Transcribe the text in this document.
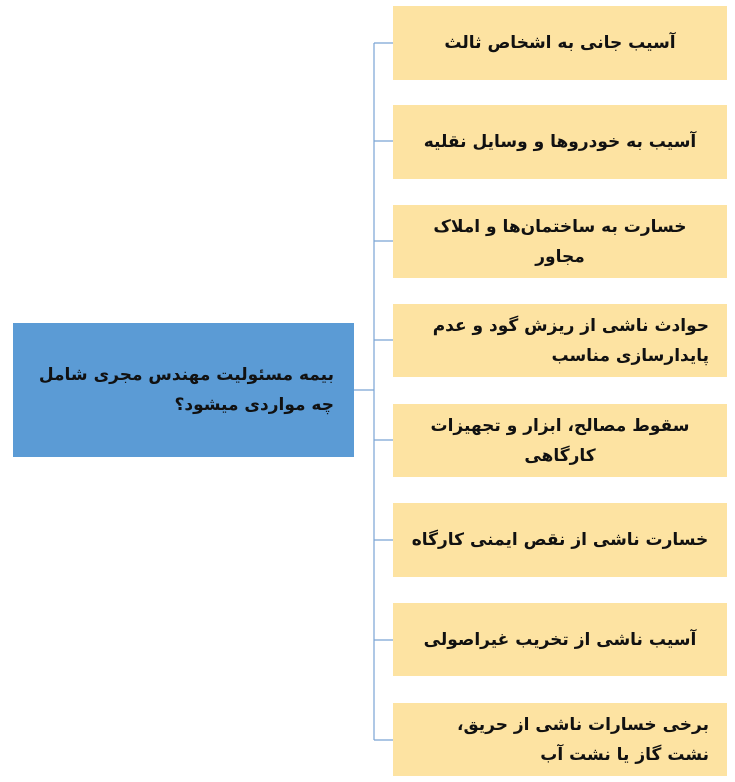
بیمه مسئولیت مهندس مجری شامل چه مواردی میشود؟
آسیب جانی به اشخاص ثالث
آسیب به خودروها و وسایل نقلیه
خسارت به ساختمان‌ها و املاک مجاور
حوادث ناشی از ریزش گود و عدم پایدارسازی مناسب
سقوط مصالح، ابزار و تجهیزات کارگاهی
خسارت ناشی از نقص ایمنی کارگاه
آسیب ناشی از تخریب غیراصولی
برخی خسارات ناشی از حریق، نشت گاز یا نشت آب
